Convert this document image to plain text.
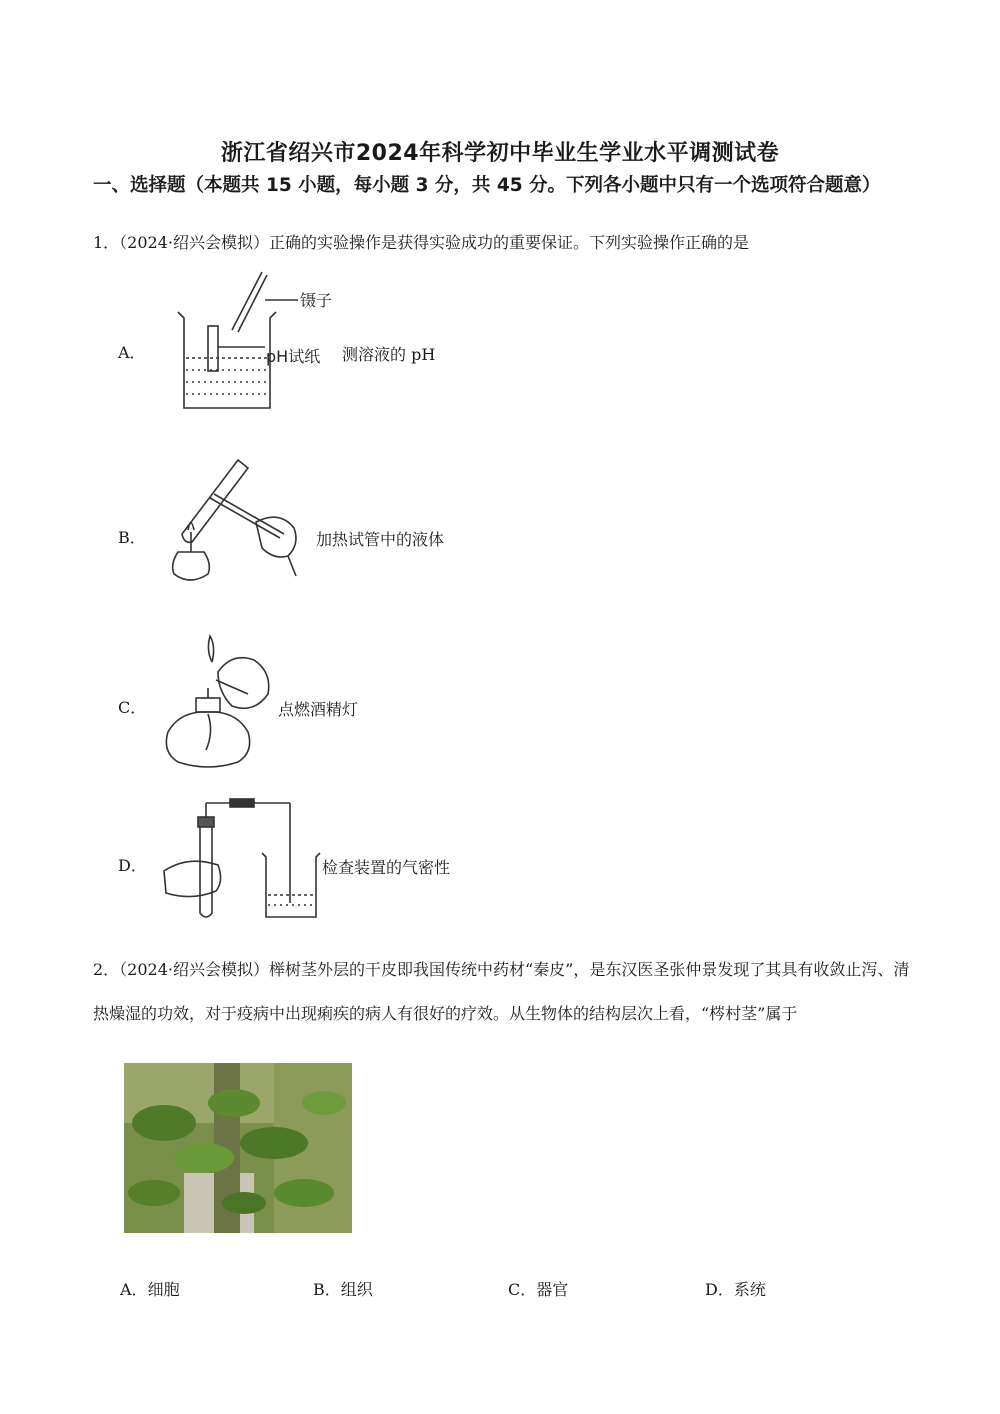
浙江省绍兴市2024年科学初中毕业生学业水平调测试卷
一、选择题（本题共 15 小题，每小题 3 分，共 45 分。下列各小题中只有一个选项符合题意）
1．（2024·绍兴会模拟）正确的实验操作是获得实验成功的重要保证。下列实验操作正确的是
A．
镊子
pH试纸 测溶液的 pH
B．	加热试管中的液体
C．	点燃酒精灯
D．	检查装置的气密性
2．（2024·绍兴会模拟）榉树茎外层的干皮即我国传统中药材“秦皮”，是东汉医圣张仲景发现了其具有收敛止泻、清热燥湿的功效，对于疫病中出现痢疾的病人有很好的疗效。从生物体的结构层次上看，“梣村茎”属于
A．细胞	B．组织	C．器官	D．系统
